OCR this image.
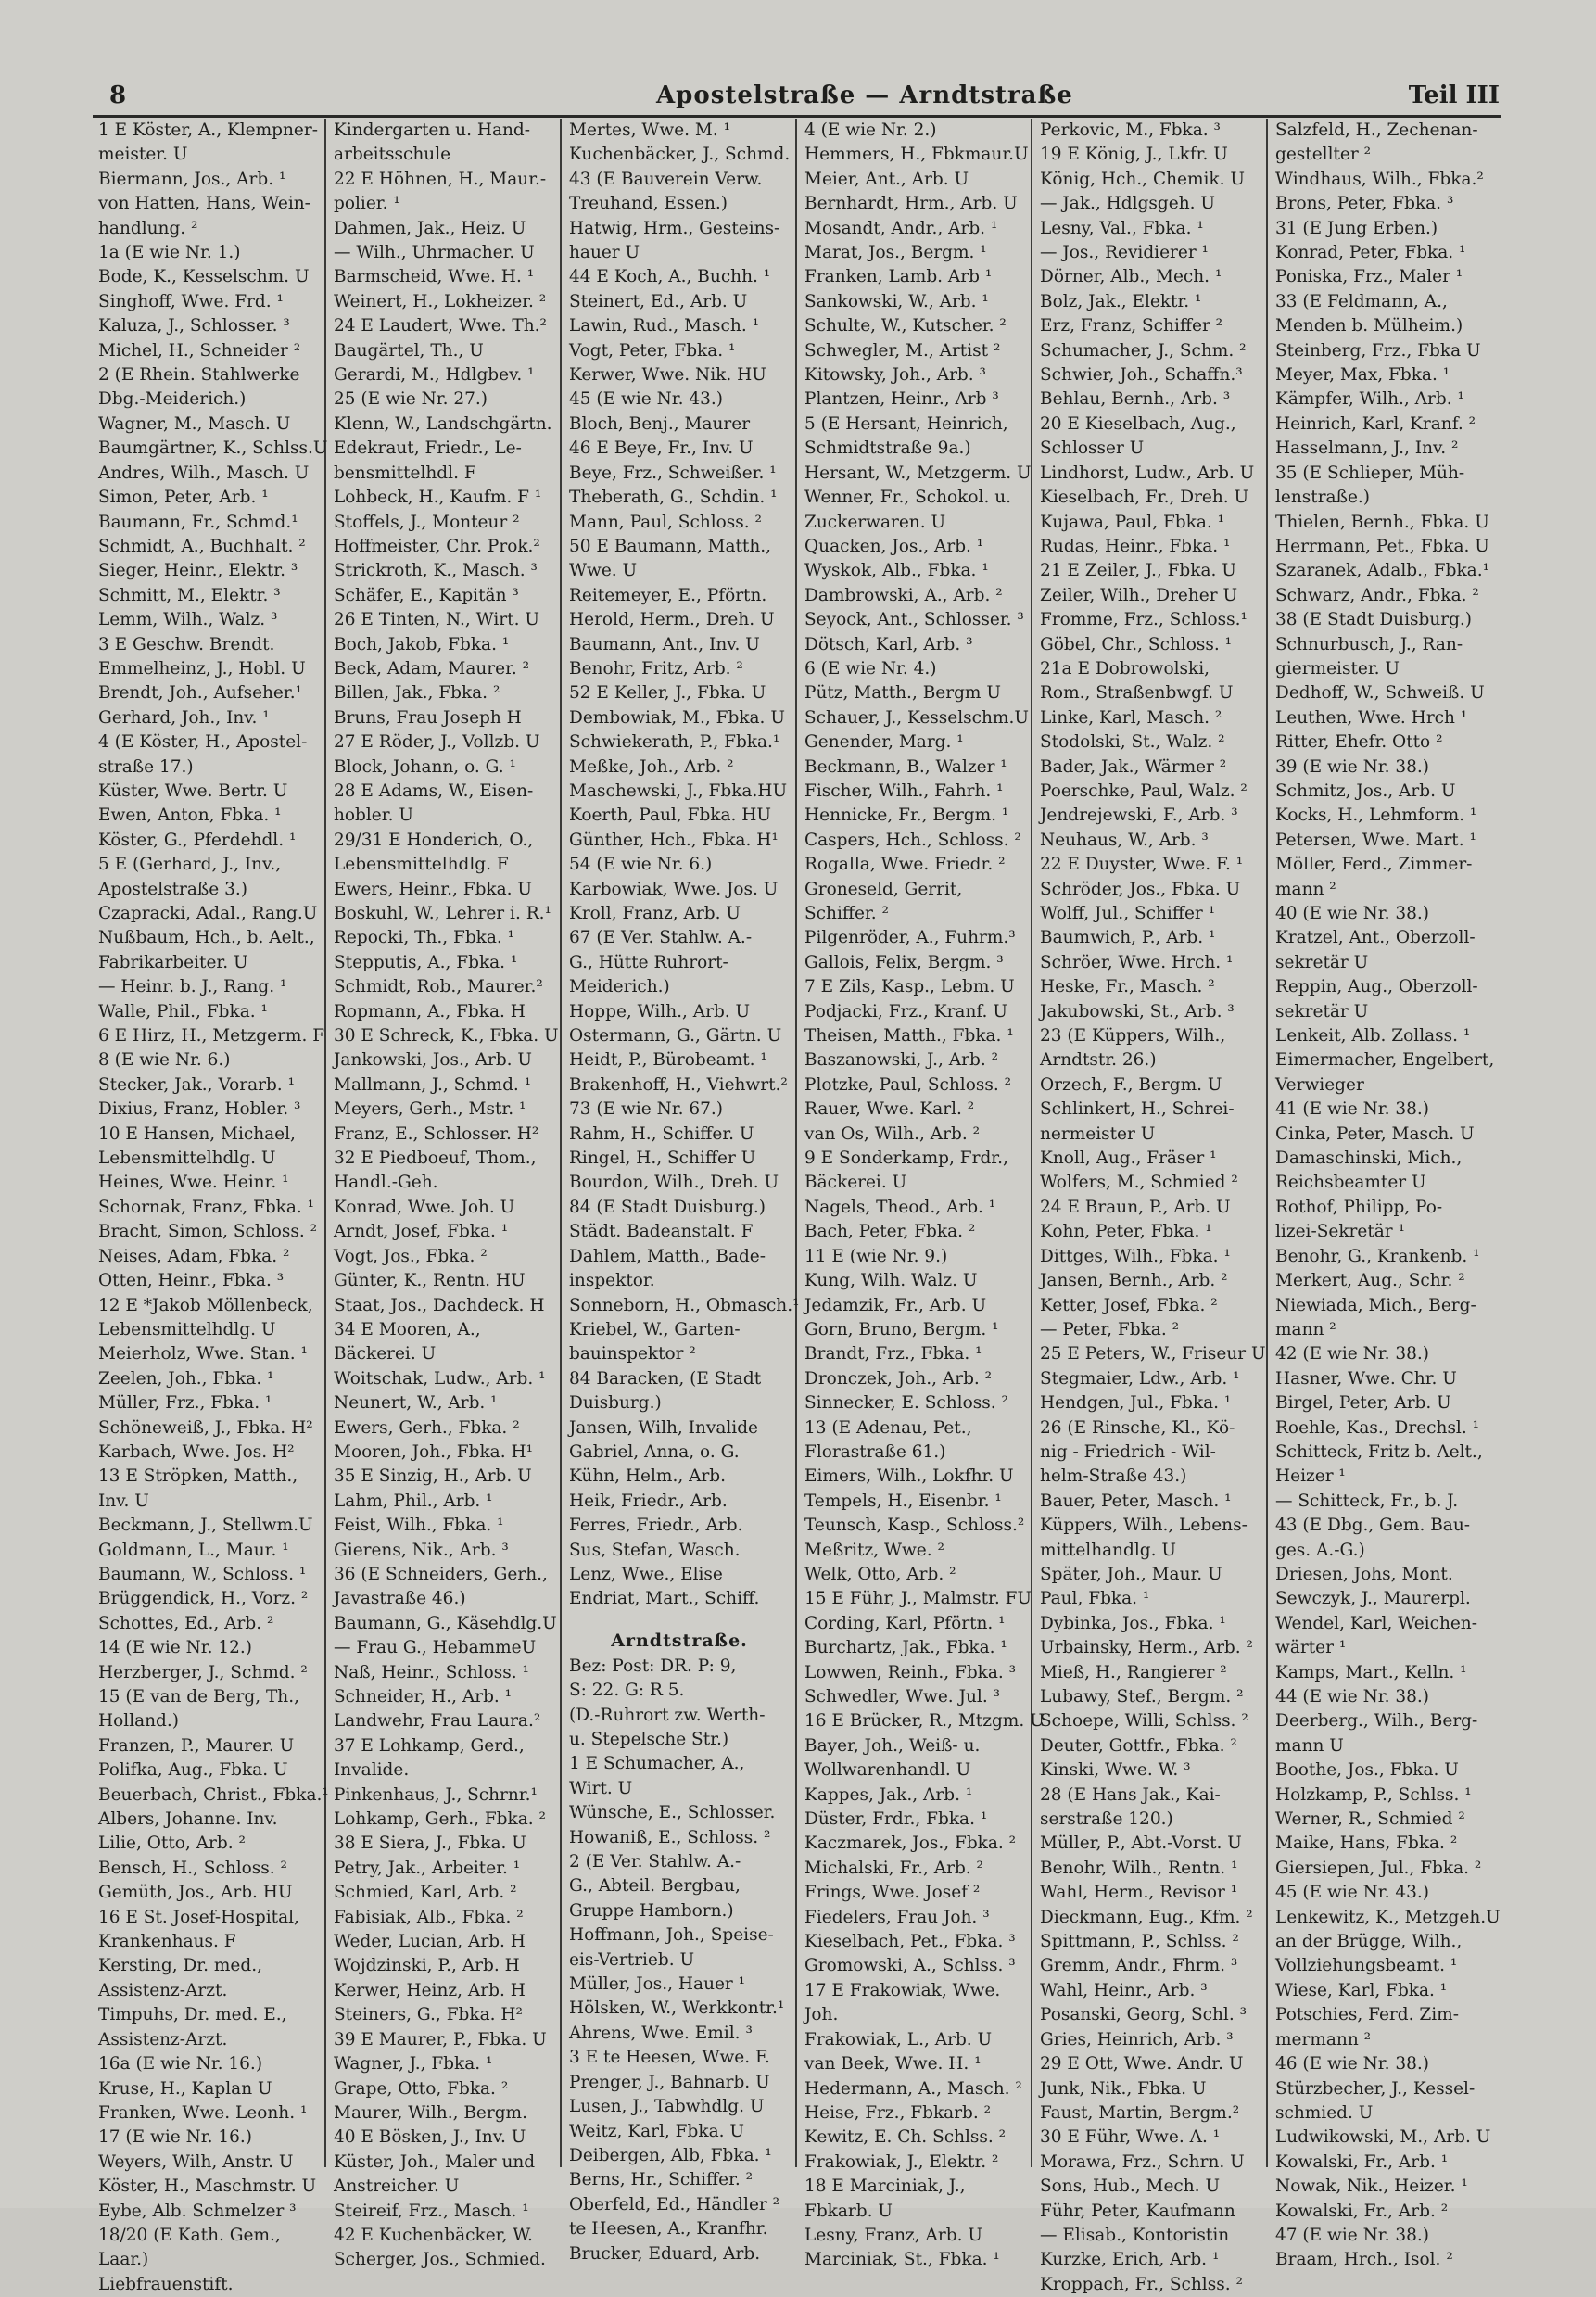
8	Apostelstraße — Arndtstraße	Teil III
1 E Köster, A., Klempner-
meister. U
Biermann, Jos., Arb. ¹
von Hatten, Hans, Wein-
handlung. ²
1a (E wie Nr. 1.)
Bode, K., Kesselschm. U
Singhoff, Wwe. Frd. ¹
Kaluza, J., Schlosser. ³
Michel, H., Schneider ²
2 (E Rhein. Stahlwerke
Dbg.-Meiderich.)
Wagner, M., Masch. U
Baumgärtner, K., Schlss.U
Andres, Wilh., Masch. U
Simon, Peter, Arb. ¹
Baumann, Fr., Schmd.¹
Schmidt, A., Buchhalt. ²
Sieger, Heinr., Elektr. ³
Schmitt, M., Elektr. ³
Lemm, Wilh., Walz. ³
3 E Geschw. Brendt.
Emmelheinz, J., Hobl. U
Brendt, Joh., Aufseher.¹
Gerhard, Joh., Inv. ¹
4 (E Köster, H., Apostel-
straße 17.)
Küster, Wwe. Bertr. U
Ewen, Anton, Fbka. ¹
Köster, G., Pferdehdl. ¹
5 E (Gerhard, J., Inv.,
Apostelstraße 3.)
Czapracki, Adal., Rang.U
Nußbaum, Hch., b. Aelt.,
Fabrikarbeiter. U
— Heinr. b. J., Rang. ¹
Walle, Phil., Fbka. ¹
6 E Hirz, H., Metzgerm. F
8 (E wie Nr. 6.)
Stecker, Jak., Vorarb. ¹
Dixius, Franz, Hobler. ³
10 E Hansen, Michael,
Lebensmittelhdlg. U
Heines, Wwe. Heinr. ¹
Schornak, Franz, Fbka. ¹
Bracht, Simon, Schloss. ²
Neises, Adam, Fbka. ²
Otten, Heinr., Fbka. ³
12 E *Jakob Möllenbeck,
Lebensmittelhdlg. U
Meierholz, Wwe. Stan. ¹
Zeelen, Joh., Fbka. ¹
Müller, Frz., Fbka. ¹
Schöneweiß, J., Fbka. H²
Karbach, Wwe. Jos. H²
13 E Ströpken, Matth.,
Inv. U
Beckmann, J., Stellwm.U
Goldmann, L., Maur. ¹
Baumann, W., Schloss. ¹
Brüggendick, H., Vorz. ²
Schottes, Ed., Arb. ²
14 (E wie Nr. 12.)
Herzberger, J., Schmd. ²
15 (E van de Berg, Th.,
Holland.)
Franzen, P., Maurer. U
Polifka, Aug., Fbka. U
Beuerbach, Christ., Fbka.¹
Albers, Johanne. Inv.
Lilie, Otto, Arb. ²
Bensch, H., Schloss. ²
Gemüth, Jos., Arb. HU
16 E St. Josef-Hospital,
Krankenhaus. F
Kersting, Dr. med.,
Assistenz-Arzt.
Timpuhs, Dr. med. E.,
Assistenz-Arzt.
16a (E wie Nr. 16.)
Kruse, H., Kaplan U
Franken, Wwe. Leonh. ¹
17 (E wie Nr. 16.)
Weyers, Wilh, Anstr. U
Köster, H., Maschmstr. U
Eybe, Alb. Schmelzer ³
18/20 (E Kath. Gem.,
Laar.)
Liebfrauenstift.
Kindergarten u. Hand-
arbeitsschule
22 E Höhnen, H., Maur.-
polier. ¹
Dahmen, Jak., Heiz. U
— Wilh., Uhrmacher. U
Barmscheid, Wwe. H. ¹
Weinert, H., Lokheizer. ²
24 E Laudert, Wwe. Th.²
Baugärtel, Th., U
Gerardi, M., Hdlgbev. ¹
25 (E wie Nr. 27.)
Klenn, W., Landschgärtn.
Edekraut, Friedr., Le-
bensmittelhdl. F
Lohbeck, H., Kaufm. F ¹
Stoffels, J., Monteur ²
Hoffmeister, Chr. Prok.²
Strickroth, K., Masch. ³
Schäfer, E., Kapitän ³
26 E Tinten, N., Wirt. U
Boch, Jakob, Fbka. ¹
Beck, Adam, Maurer. ²
Billen, Jak., Fbka. ²
Bruns, Frau Joseph H
27 E Röder, J., Vollzb. U
Block, Johann, o. G. ¹
28 E Adams, W., Eisen-
hobler. U
29/31 E Honderich, O.,
Lebensmittelhdlg. F
Ewers, Heinr., Fbka. U
Boskuhl, W., Lehrer i. R.¹
Repocki, Th., Fbka. ¹
Stepputis, A., Fbka. ¹
Schmidt, Rob., Maurer.²
Ropmann, A., Fbka. H
30 E Schreck, K., Fbka. U
Jankowski, Jos., Arb. U
Mallmann, J., Schmd. ¹
Meyers, Gerh., Mstr. ¹
Franz, E., Schlosser. H²
32 E Piedboeuf, Thom.,
Handl.-Geh.
Konrad, Wwe. Joh. U
Arndt, Josef, Fbka. ¹
Vogt, Jos., Fbka. ²
Günter, K., Rentn. HU
Staat, Jos., Dachdeck. H
34 E Mooren, A.,
Bäckerei. U
Woitschak, Ludw., Arb. ¹
Neunert, W., Arb. ¹
Ewers, Gerh., Fbka. ²
Mooren, Joh., Fbka. H¹
35 E Sinzig, H., Arb. U
Lahm, Phil., Arb. ¹
Feist, Wilh., Fbka. ¹
Gierens, Nik., Arb. ³
36 (E Schneiders, Gerh.,
Javastraße 46.)
Baumann, G., Käsehdlg.U
— Frau G., HebammeU
Naß, Heinr., Schloss. ¹
Schneider, H., Arb. ¹
Landwehr, Frau Laura.²
37 E Lohkamp, Gerd.,
Invalide.
Pinkenhaus, J., Schrnr.¹
Lohkamp, Gerh., Fbka. ²
38 E Siera, J., Fbka. U
Petry, Jak., Arbeiter. ¹
Schmied, Karl, Arb. ²
Fabisiak, Alb., Fbka. ²
Weder, Lucian, Arb. H
Wojdzinski, P., Arb. H
Kerwer, Heinz, Arb. H
Steiners, G., Fbka. H²
39 E Maurer, P., Fbka. U
Wagner, J., Fbka. ¹
Grape, Otto, Fbka. ²
Maurer, Wilh., Bergm.
40 E Bösken, J., Inv. U
Küster, Joh., Maler und
Anstreicher. U
Steireif, Frz., Masch. ¹
42 E Kuchenbäcker, W.
Scherger, Jos., Schmied.
Mertes, Wwe. M. ¹
Kuchenbäcker, J., Schmd.
43 (E Bauverein Verw.
Treuhand, Essen.)
Hatwig, Hrm., Gesteins-
hauer U
44 E Koch, A., Buchh. ¹
Steinert, Ed., Arb. U
Lawin, Rud., Masch. ¹
Vogt, Peter, Fbka. ¹
Kerwer, Wwe. Nik. HU
45 (E wie Nr. 43.)
Bloch, Benj., Maurer
46 E Beye, Fr., Inv. U
Beye, Frz., Schweißer. ¹
Theberath, G., Schdin. ¹
Mann, Paul, Schloss. ²
50 E Baumann, Matth.,
Wwe. U
Reitemeyer, E., Pförtn.
Herold, Herm., Dreh. U
Baumann, Ant., Inv. U
Benohr, Fritz, Arb. ²
52 E Keller, J., Fbka. U
Dembowiak, M., Fbka. U
Schwiekerath, P., Fbka.¹
Meßke, Joh., Arb. ²
Maschewski, J., Fbka.HU
Koerth, Paul, Fbka. HU
Günther, Hch., Fbka. H¹
54 (E wie Nr. 6.)
Karbowiak, Wwe. Jos. U
Kroll, Franz, Arb. U
67 (E Ver. Stahlw. A.-
G., Hütte Ruhrort-
Meiderich.)
Hoppe, Wilh., Arb. U
Ostermann, G., Gärtn. U
Heidt, P., Bürobeamt. ¹
Brakenhoff, H., Viehwrt.²
73 (E wie Nr. 67.)
Rahm, H., Schiffer. U
Ringel, H., Schiffer U
Bourdon, Wilh., Dreh. U
84 (E Stadt Duisburg.)
Städt. Badeanstalt. F
Dahlem, Matth., Bade-
inspektor.
Sonneborn, H., Obmasch.¹
Kriebel, W., Garten-
bauinspektor ²
84 Baracken, (E Stadt
Duisburg.)
Jansen, Wilh, Invalide
Gabriel, Anna, o. G.
Kühn, Helm., Arb.
Heik, Friedr., Arb.
Ferres, Friedr., Arb.
Sus, Stefan, Wasch.
Lenz, Wwe., Elise
Endriat, Mart., Schiff.
Arndtstraße.
Bez: Post: DR. P: 9,
S: 22. G: R 5.
(D.-Ruhrort zw. Werth-
u. Stepelsche Str.)
1 E Schumacher, A.,
Wirt. U
Wünsche, E., Schlosser.
Howaniß, E., Schloss. ²
2 (E Ver. Stahlw. A.-
G., Abteil. Bergbau,
Gruppe Hamborn.)
Hoffmann, Joh., Speise-
eis-Vertrieb. U
Müller, Jos., Hauer ¹
Hölsken, W., Werkkontr.¹
Ahrens, Wwe. Emil. ³
3 E te Heesen, Wwe. F.
Prenger, J., Bahnarb. U
Lusen, J., Tabwhdlg. U
Weitz, Karl, Fbka. U
Deibergen, Alb, Fbka. ¹
Berns, Hr., Schiffer. ²
Oberfeld, Ed., Händler ²
te Heesen, A., Kranfhr.
Brucker, Eduard, Arb.
4 (E wie Nr. 2.)
Hemmers, H., Fbkmaur.U
Meier, Ant., Arb. U
Bernhardt, Hrm., Arb. U
Mosandt, Andr., Arb. ¹
Marat, Jos., Bergm. ¹
Franken, Lamb. Arb ¹
Sankowski, W., Arb. ¹
Schulte, W., Kutscher. ²
Schwegler, M., Artist ²
Kitowsky, Joh., Arb. ³
Plantzen, Heinr., Arb ³
5 (E Hersant, Heinrich,
Schmidtstraße 9a.)
Hersant, W., Metzgerm. U
Wenner, Fr., Schokol. u.
Zuckerwaren. U
Quacken, Jos., Arb. ¹
Wyskok, Alb., Fbka. ¹
Dambrowski, A., Arb. ²
Seyock, Ant., Schlosser. ³
Dötsch, Karl, Arb. ³
6 (E wie Nr. 4.)
Pütz, Matth., Bergm U
Schauer, J., Kesselschm.U
Genender, Marg. ¹
Beckmann, B., Walzer ¹
Fischer, Wilh., Fahrh. ¹
Hennicke, Fr., Bergm. ¹
Caspers, Hch., Schloss. ²
Rogalla, Wwe. Friedr. ²
Groneseld, Gerrit,
Schiffer. ²
Pilgenröder, A., Fuhrm.³
Gallois, Felix, Bergm. ³
7 E Zils, Kasp., Lebm. U
Podjacki, Frz., Kranf. U
Theisen, Matth., Fbka. ¹
Baszanowski, J., Arb. ²
Plotzke, Paul, Schloss. ²
Rauer, Wwe. Karl. ²
van Os, Wilh., Arb. ²
9 E Sonderkamp, Frdr.,
Bäckerei. U
Nagels, Theod., Arb. ¹
Bach, Peter, Fbka. ²
11 E (wie Nr. 9.)
Kung, Wilh. Walz. U
Jedamzik, Fr., Arb. U
Gorn, Bruno, Bergm. ¹
Brandt, Frz., Fbka. ¹
Dronczek, Joh., Arb. ²
Sinnecker, E. Schloss. ²
13 (E Adenau, Pet.,
Florastraße 61.)
Eimers, Wilh., Lokfhr. U
Tempels, H., Eisenbr. ¹
Teunsch, Kasp., Schloss.²
Meßritz, Wwe. ²
Welk, Otto, Arb. ²
15 E Führ, J., Malmstr. FU
Cording, Karl, Pförtn. ¹
Burchartz, Jak., Fbka. ¹
Lowwen, Reinh., Fbka. ³
Schwedler, Wwe. Jul. ³
16 E Brücker, R., Mtzgm. U
Bayer, Joh., Weiß- u.
Wollwarenhandl. U
Kappes, Jak., Arb. ¹
Düster, Frdr., Fbka. ¹
Kaczmarek, Jos., Fbka. ²
Michalski, Fr., Arb. ²
Frings, Wwe. Josef ²
Fiedelers, Frau Joh. ³
Kieselbach, Pet., Fbka. ³
Gromowski, A., Schlss. ³
17 E Frakowiak, Wwe.
Joh.
Frakowiak, L., Arb. U
van Beek, Wwe. H. ¹
Hedermann, A., Masch. ²
Heise, Frz., Fbkarb. ²
Kewitz, E. Ch. Schlss. ²
Frakowiak, J., Elektr. ²
18 E Marciniak, J.,
Fbkarb. U
Lesny, Franz, Arb. U
Marciniak, St., Fbka. ¹
Perkovic, M., Fbka. ³
19 E König, J., Lkfr. U
König, Hch., Chemik. U
— Jak., Hdlgsgeh. U
Lesny, Val., Fbka. ¹
— Jos., Revidierer ¹
Dörner, Alb., Mech. ¹
Bolz, Jak., Elektr. ¹
Erz, Franz, Schiffer ²
Schumacher, J., Schm. ²
Schwier, Joh., Schaffn.³
Behlau, Bernh., Arb. ³
20 E Kieselbach, Aug.,
Schlosser U
Lindhorst, Ludw., Arb. U
Kieselbach, Fr., Dreh. U
Kujawa, Paul, Fbka. ¹
Rudas, Heinr., Fbka. ¹
21 E Zeiler, J., Fbka. U
Zeiler, Wilh., Dreher U
Fromme, Frz., Schloss.¹
Göbel, Chr., Schloss. ¹
21a E Dobrowolski,
Rom., Straßenbwgf. U
Linke, Karl, Masch. ²
Stodolski, St., Walz. ²
Bader, Jak., Wärmer ²
Poerschke, Paul, Walz. ²
Jendrejewski, F., Arb. ³
Neuhaus, W., Arb. ³
22 E Duyster, Wwe. F. ¹
Schröder, Jos., Fbka. U
Wolff, Jul., Schiffer ¹
Baumwich, P., Arb. ¹
Schröer, Wwe. Hrch. ¹
Heske, Fr., Masch. ²
Jakubowski, St., Arb. ³
23 (E Küppers, Wilh.,
Arndtstr. 26.)
Orzech, F., Bergm. U
Schlinkert, H., Schrei-
nermeister U
Knoll, Aug., Fräser ¹
Wolfers, M., Schmied ²
24 E Braun, P., Arb. U
Kohn, Peter, Fbka. ¹
Dittges, Wilh., Fbka. ¹
Jansen, Bernh., Arb. ²
Ketter, Josef, Fbka. ²
— Peter, Fbka. ²
25 E Peters, W., Friseur U
Stegmaier, Ldw., Arb. ¹
Hendgen, Jul., Fbka. ¹
26 (E Rinsche, Kl., Kö-
nig - Friedrich - Wil-
helm-Straße 43.)
Bauer, Peter, Masch. ¹
Küppers, Wilh., Lebens-
mittelhandlg. U
Später, Joh., Maur. U
Paul, Fbka. ¹
Dybinka, Jos., Fbka. ¹
Urbainsky, Herm., Arb. ²
Mieß, H., Rangierer ²
Lubawy, Stef., Bergm. ²
Schoepe, Willi, Schlss. ²
Deuter, Gottfr., Fbka. ²
Kinski, Wwe. W. ³
28 (E Hans Jak., Kai-
serstraße 120.)
Müller, P., Abt.-Vorst. U
Benohr, Wilh., Rentn. ¹
Wahl, Herm., Revisor ¹
Dieckmann, Eug., Kfm. ²
Spittmann, P., Schlss. ²
Gremm, Andr., Fhrm. ³
Wahl, Heinr., Arb. ³
Posanski, Georg, Schl. ³
Gries, Heinrich, Arb. ³
29 E Ott, Wwe. Andr. U
Junk, Nik., Fbka. U
Faust, Martin, Bergm.²
30 E Führ, Wwe. A. ¹
Morawa, Frz., Schrn. U
Sons, Hub., Mech. U
Führ, Peter, Kaufmann
— Elisab., Kontoristin
Kurzke, Erich, Arb. ¹
Kroppach, Fr., Schlss. ²
Salzfeld, H., Zechenan-
gestellter ²
Windhaus, Wilh., Fbka.²
Brons, Peter, Fbka. ³
31 (E Jung Erben.)
Konrad, Peter, Fbka. ¹
Poniska, Frz., Maler ¹
33 (E Feldmann, A.,
Menden b. Mülheim.)
Steinberg, Frz., Fbka U
Meyer, Max, Fbka. ¹
Kämpfer, Wilh., Arb. ¹
Heinrich, Karl, Kranf. ²
Hasselmann, J., Inv. ²
35 (E Schlieper, Müh-
lenstraße.)
Thielen, Bernh., Fbka. U
Herrmann, Pet., Fbka. U
Szaranek, Adalb., Fbka.¹
Schwarz, Andr., Fbka. ²
38 (E Stadt Duisburg.)
Schnurbusch, J., Ran-
giermeister. U
Dedhoff, W., Schweiß. U
Leuthen, Wwe. Hrch ¹
Ritter, Ehefr. Otto ²
39 (E wie Nr. 38.)
Schmitz, Jos., Arb. U
Kocks, H., Lehmform. ¹
Petersen, Wwe. Mart. ¹
Möller, Ferd., Zimmer-
mann ²
40 (E wie Nr. 38.)
Kratzel, Ant., Oberzoll-
sekretär U
Reppin, Aug., Oberzoll-
sekretär U
Lenkeit, Alb. Zollass. ¹
Eimermacher, Engelbert,
Verwieger
41 (E wie Nr. 38.)
Cinka, Peter, Masch. U
Damaschinski, Mich.,
Reichsbeamter U
Rothof, Philipp, Po-
lizei-Sekretär ¹
Benohr, G., Krankenb. ¹
Merkert, Aug., Schr. ²
Niewiada, Mich., Berg-
mann ²
42 (E wie Nr. 38.)
Hasner, Wwe. Chr. U
Birgel, Peter, Arb. U
Roehle, Kas., Drechsl. ¹
Schitteck, Fritz b. Aelt.,
Heizer ¹
— Schitteck, Fr., b. J.
43 (E Dbg., Gem. Bau-
ges. A.-G.)
Driesen, Johs, Mont.
Sewczyk, J., Maurerpl.
Wendel, Karl, Weichen-
wärter ¹
Kamps, Mart., Kelln. ¹
44 (E wie Nr. 38.)
Deerberg., Wilh., Berg-
mann U
Boothe, Jos., Fbka. U
Holzkamp, P., Schlss. ¹
Werner, R., Schmied ²
Maike, Hans, Fbka. ²
Giersiepen, Jul., Fbka. ²
45 (E wie Nr. 43.)
Lenkewitz, K., Metzgeh.U
an der Brügge, Wilh.,
Vollziehungsbeamt. ¹
Wiese, Karl, Fbka. ¹
Potschies, Ferd. Zim-
mermann ²
46 (E wie Nr. 38.)
Stürzbecher, J., Kessel-
schmied. U
Ludwikowski, M., Arb. U
Kowalski, Fr., Arb. ¹
Nowak, Nik., Heizer. ¹
Kowalski, Fr., Arb. ²
47 (E wie Nr. 38.)
Braam, Hrch., Isol. ²
